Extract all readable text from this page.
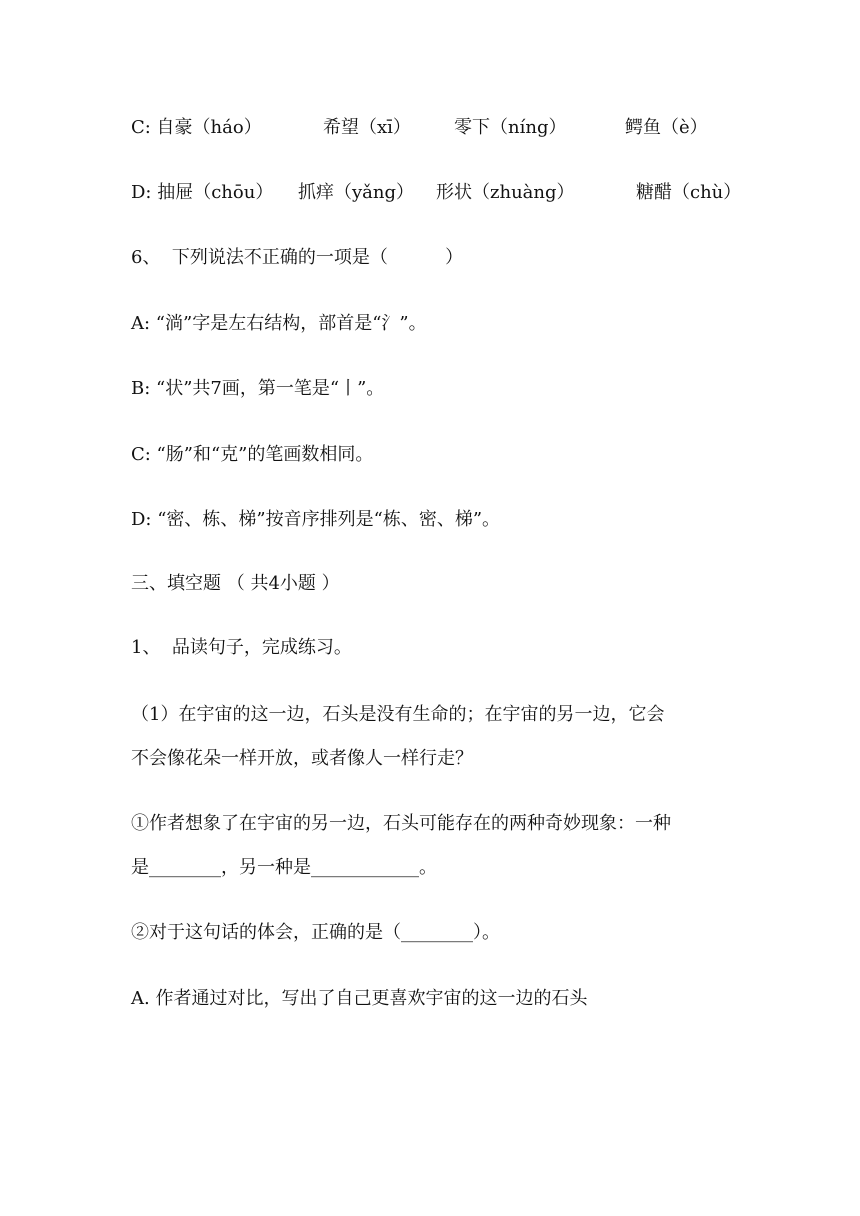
C: 自豪（háo）	希望（xī） 零下（níng）	鳄鱼（è）
D: 抽屉（chōu） 抓痒（yǎng） 形状（zhuàng）	糖醋（chù）
6、  下列说法不正确的一项是（          ）
A: “淌”字是左右结构，部首是“氵”。
B: “状”共7画，第一笔是“丨”。
C: “肠”和“克”的笔画数相同。
D: “密、栋、梯”按音序排列是“栋、密、梯”。
三、填空题 （ 共4小题 ）
1、  品读句子，完成练习。
（1）在宇宙的这一边，石头是没有生命的；在宇宙的另一边，它会
不会像花朵一样开放，或者像人一样行走？
①作者想象了在宇宙的另一边，石头可能存在的两种奇妙现象：一种
是________，另一种是____________。
②对于这句话的体会，正确的是（________）。
A. 作者通过对比，写出了自己更喜欢宇宙的这一边的石头
